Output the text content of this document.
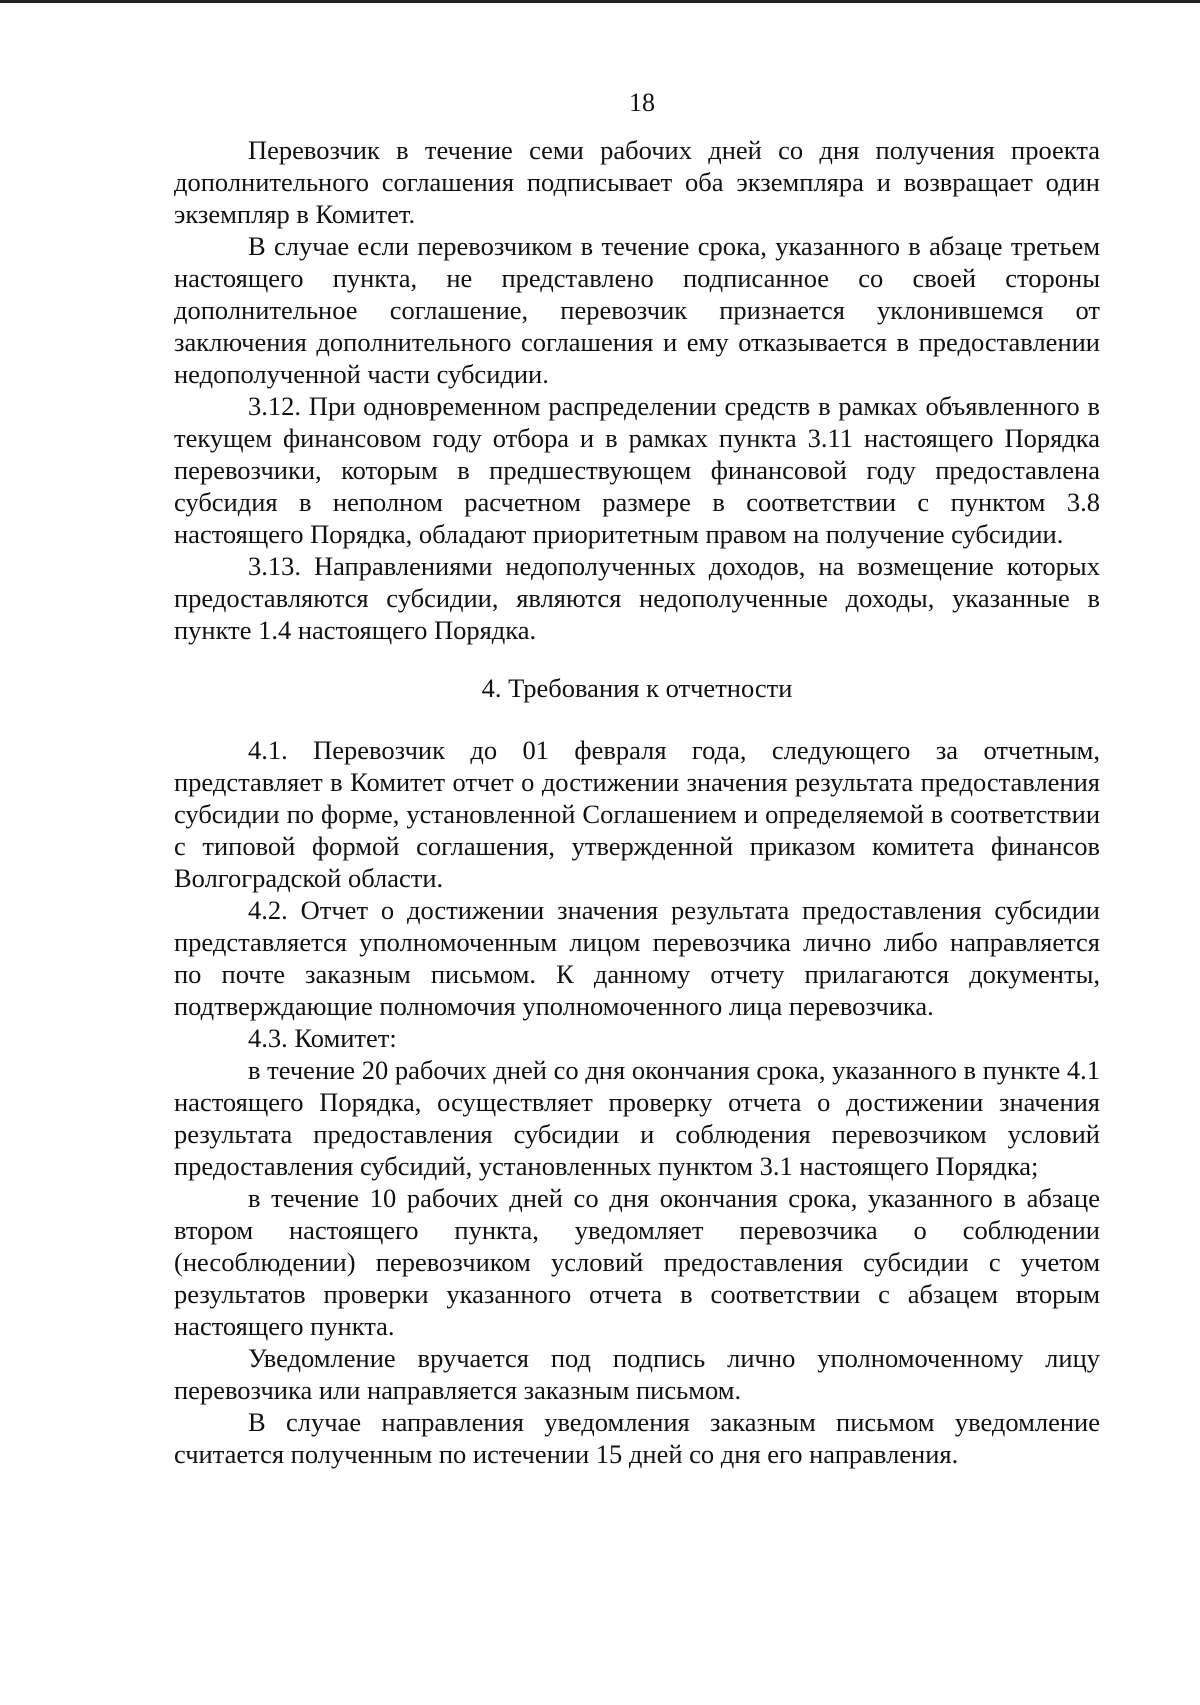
18

Перевозчик в течение семи рабочих дней со дня получения проекта дополнительного соглашения подписывает оба экземпляра и возвращает один экземпляр в Комитет.

В случае если перевозчиком в течение срока, указанного в абзаце третьем настоящего пункта, не представлено подписанное со своей стороны дополнительное соглашение, перевозчик признается уклонившемся от заключения дополнительного соглашения и ему отказывается в предоставлении недополученной части субсидии.

3.12. При одновременном распределении средств в рамках объявленного в текущем финансовом году отбора и в рамках пункта 3.11 настоящего Порядка перевозчики, которым в предшествующем финансовой году предоставлена субсидия в неполном расчетном размере в соответствии с пунктом 3.8 настоящего Порядка, обладают приоритетным правом на получение субсидии.

3.13. Направлениями недополученных доходов, на возмещение которых предоставляются субсидии, являются недополученные доходы, указанные в пункте 1.4 настоящего Порядка.

4. Требования к отчетности

4.1. Перевозчик до 01 февраля года, следующего за отчетным, представляет в Комитет отчет о достижении значения результата предоставления субсидии по форме, установленной Соглашением и определяемой в соответствии с типовой формой соглашения, утвержденной приказом комитета финансов Волгоградской области.

4.2. Отчет о достижении значения результата предоставления субсидии представляется уполномоченным лицом перевозчика лично либо направляется по почте заказным письмом. К данному отчету прилагаются документы, подтверждающие полномочия уполномоченного лица перевозчика.

4.3. Комитет:

в течение 20 рабочих дней со дня окончания срока, указанного в пункте 4.1 настоящего Порядка, осуществляет проверку отчета о достижении значения результата предоставления субсидии и соблюдения перевозчиком условий предоставления субсидий, установленных пунктом 3.1 настоящего Порядка;

в течение 10 рабочих дней со дня окончания срока, указанного в абзаце втором настоящего пункта, уведомляет перевозчика о соблюдении (несоблюдении) перевозчиком условий предоставления субсидии с учетом результатов проверки указанного отчета в соответствии с абзацем вторым настоящего пункта.

Уведомление вручается под подпись лично уполномоченному лицу перевозчика или направляется заказным письмом.

В случае направления уведомления заказным письмом уведомление считается полученным по истечении 15 дней со дня его направления.
